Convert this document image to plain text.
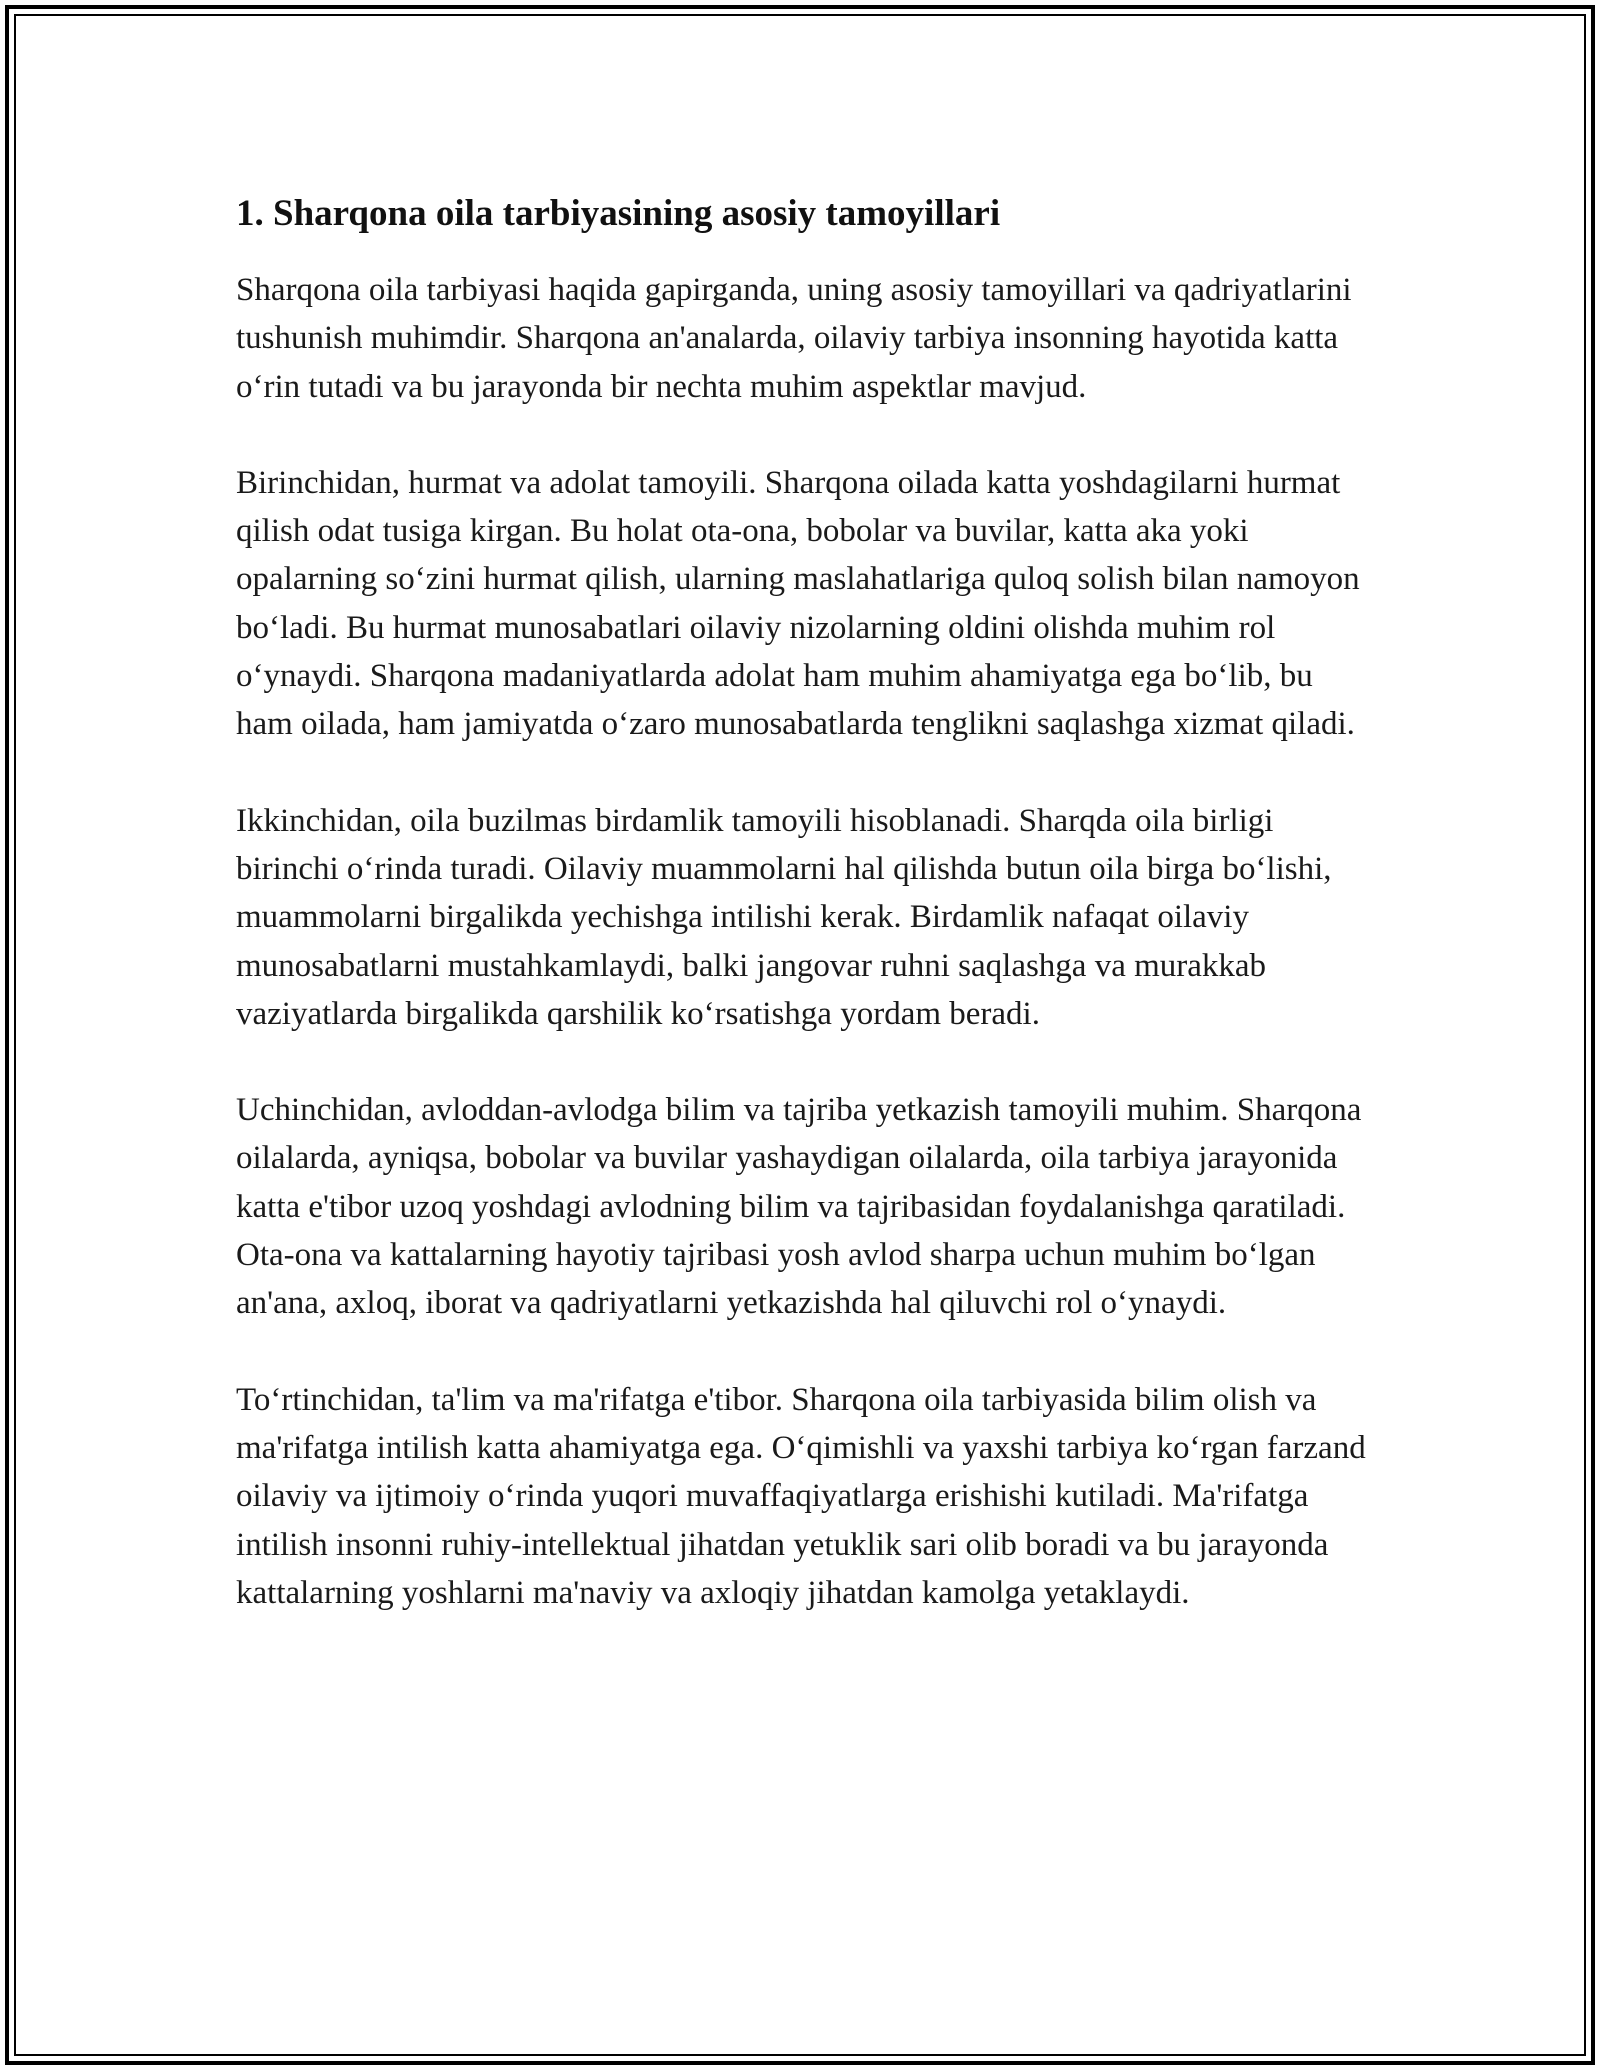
1. Sharqona oila tarbiyasining asosiy tamoyillari

Sharqona oila tarbiyasi haqida gapirganda, uning asosiy tamoyillari va qadriyatlarini tushunish muhimdir. Sharqona an'analarda, oilaviy tarbiya insonning hayotida katta o‘rin tutadi va bu jarayonda bir nechta muhim aspektlar mavjud.

Birinchidan, hurmat va adolat tamoyili. Sharqona oilada katta yoshdagilarni hurmat qilish odat tusiga kirgan. Bu holat ota-ona, bobolar va buvilar, katta aka yoki opalarning so‘zini hurmat qilish, ularning maslahatlariga quloq solish bilan namoyon bo‘ladi. Bu hurmat munosabatlari oilaviy nizolarning oldini olishda muhim rol o‘ynaydi. Sharqona madaniyatlarda adolat ham muhim ahamiyatga ega bo‘lib, bu ham oilada, ham jamiyatda o‘zaro munosabatlarda tenglikni saqlashga xizmat qiladi.

Ikkinchidan, oila buzilmas birdamlik tamoyili hisoblanadi. Sharqda oila birligi birinchi o‘rinda turadi. Oilaviy muammolarni hal qilishda butun oila birga bo‘lishi, muammolarni birgalikda yechishga intilishi kerak. Birdamlik nafaqat oilaviy munosabatlarni mustahkamlaydi, balki jangovar ruhni saqlashga va murakkab vaziyatlarda birgalikda qarshilik ko‘rsatishga yordam beradi.

Uchinchidan, avloddan-avlodga bilim va tajriba yetkazish tamoyili muhim. Sharqona oilalarda, ayniqsa, bobolar va buvilar yashaydigan oilalarda, oila tarbiya jarayonida katta e'tibor uzoq yoshdagi avlodning bilim va tajribasidan foydalanishga qaratiladi. Ota-ona va kattalarning hayotiy tajribasi yosh avlod sharpa uchun muhim bo‘lgan an'ana, axloq, iborat va qadriyatlarni yetkazishda hal qiluvchi rol o‘ynaydi.

To‘rtinchidan, ta'lim va ma'rifatga e'tibor. Sharqona oila tarbiyasida bilim olish va ma'rifatga intilish katta ahamiyatga ega. O‘qimishli va yaxshi tarbiya ko‘rgan farzand oilaviy va ijtimoiy o‘rinda yuqori muvaffaqiyatlarga erishishi kutiladi. Ma'rifatga intilish insonni ruhiy-intellektual jihatdan yetuklik sari olib boradi va bu jarayonda kattalarning yoshlarni ma'naviy va axloqiy jihatdan kamolga yetaklaydi.
